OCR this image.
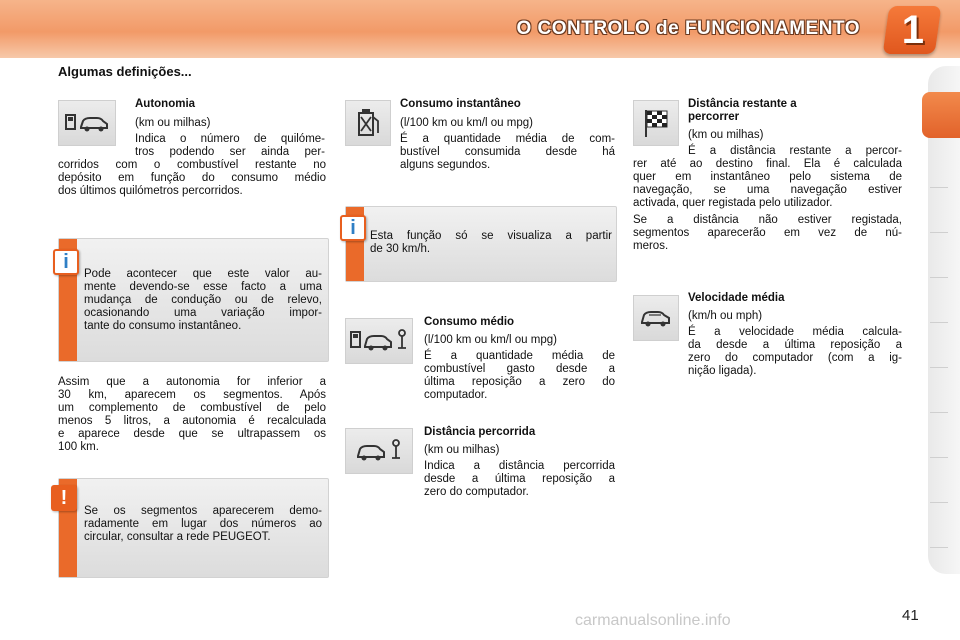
O CONTROLO de FUNCIONAMENTO 1
Algumas definições...
Autonomia
(km ou milhas)
Indica o número de quilóme-
tros podendo ser ainda per-
corridos com o combustível restante no
depósito em função do consumo médio
dos últimos quilómetros percorridos.
i
Pode acontecer que este valor au-
mente devendo-se esse facto a uma
mudança de condução ou de relevo,
ocasionando uma variação impor-
tante do consumo instantâneo.
Assim que a autonomia for inferior a
30 km, aparecem os segmentos. Após
um complemento de combustível de pelo
menos 5 litros, a autonomia é recalculada
e aparece desde que se ultrapassem os
100 km.
!
Se os segmentos aparecerem demo-
radamente em lugar dos números ao
circular, consultar a rede PEUGEOT.
Consumo instantâneo
(l/100 km ou km/l ou mpg)
É a quantidade média de com-
bustível consumida desde há
alguns segundos.
i	Esta função só se visualiza a partir
de 30 km/h.
Consumo médio
(l/100 km ou km/l ou mpg)
É a quantidade média de
combustível gasto desde a
última reposição a zero do
computador.
Distância percorrida
(km ou milhas)
Indica a distância percorrida
desde a última reposição a
zero do computador.
Distância restante a
percorrer
(km ou milhas)
É a distância restante a percor-
rer até ao destino final. Ela é calculada
quer em instantâneo pelo sistema de
navegação, se uma navegação estiver
activada, quer registada pelo utilizador.
Se a distância não estiver registada,
segmentos aparecerão em vez de nú-
meros.
Velocidade média
(km/h ou mph)
É a velocidade média calcula-
da desde a última reposição a
zero do computador (com a ig-
nição ligada).
carmanualsonline.info	41
